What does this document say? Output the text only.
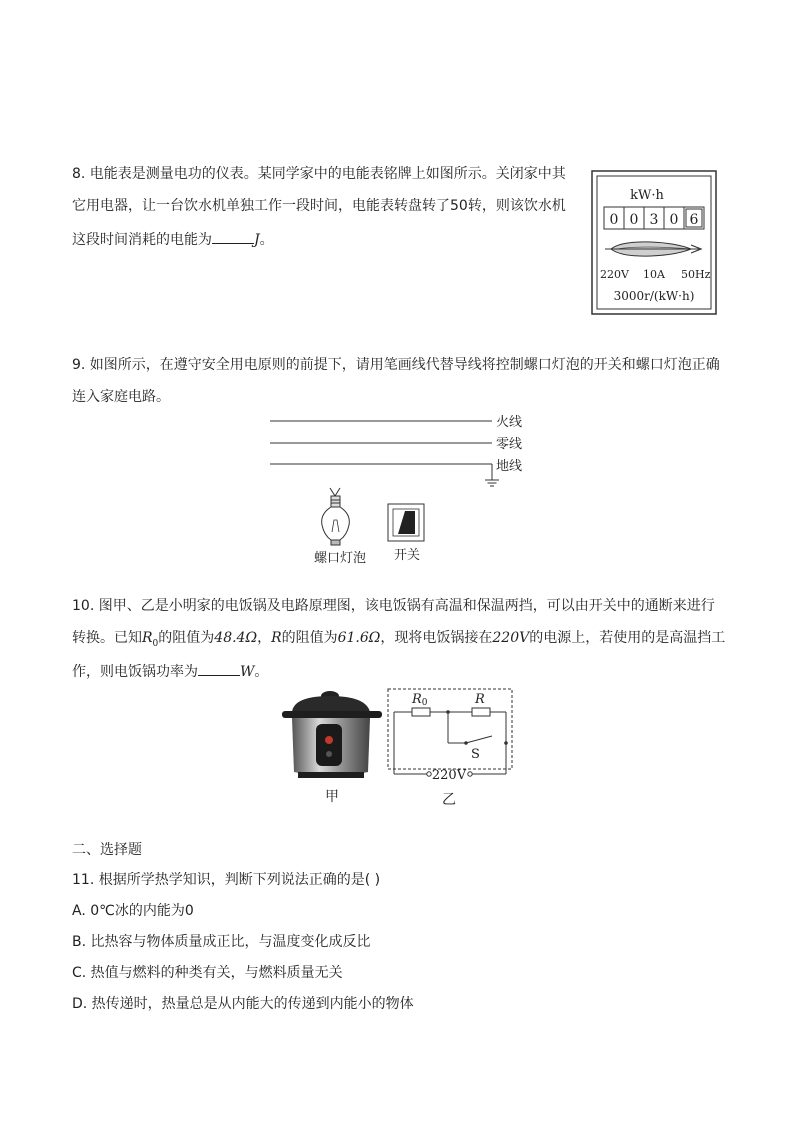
8. 电能表是测量电功的仪表。某同学家中的电能表铭牌上如图所示。关闭家中其
它用电器，让一台饮水机单独工作一段时间，电能表转盘转了50转，则该饮水机
这段时间消耗的电能为	J。
kW·h
0 0 3 0 6
220V 10A 50Hz
3000r/(kW·h)
9. 如图所示，在遵守安全用电原则的前提下，请用笔画线代替导线将控制螺口灯泡的开关和螺口灯泡正确
连入家庭电路。
火线
零线
地线
螺口灯泡 开关
10. 图甲、乙是小明家的电饭锅及电路原理图，该电饭锅有高温和保温两挡，可以由开关中的通断来进行
转换。已知$R_0$的阻值为48.4Ω，R的阻值为61.6Ω，现将电饭锅接在220V的电源上，若使用的是高温挡工
作，则电饭锅功率为	W。
甲
R0	R
S
220V
乙
二、选择题
11. 根据所学热学知识，判断下列说法正确的是( )
A. 0℃冰的内能为0
B. 比热容与物体质量成正比，与温度变化成反比
C. 热值与燃料的种类有关，与燃料质量无关
D. 热传递时，热量总是从内能大的传递到内能小的物体
